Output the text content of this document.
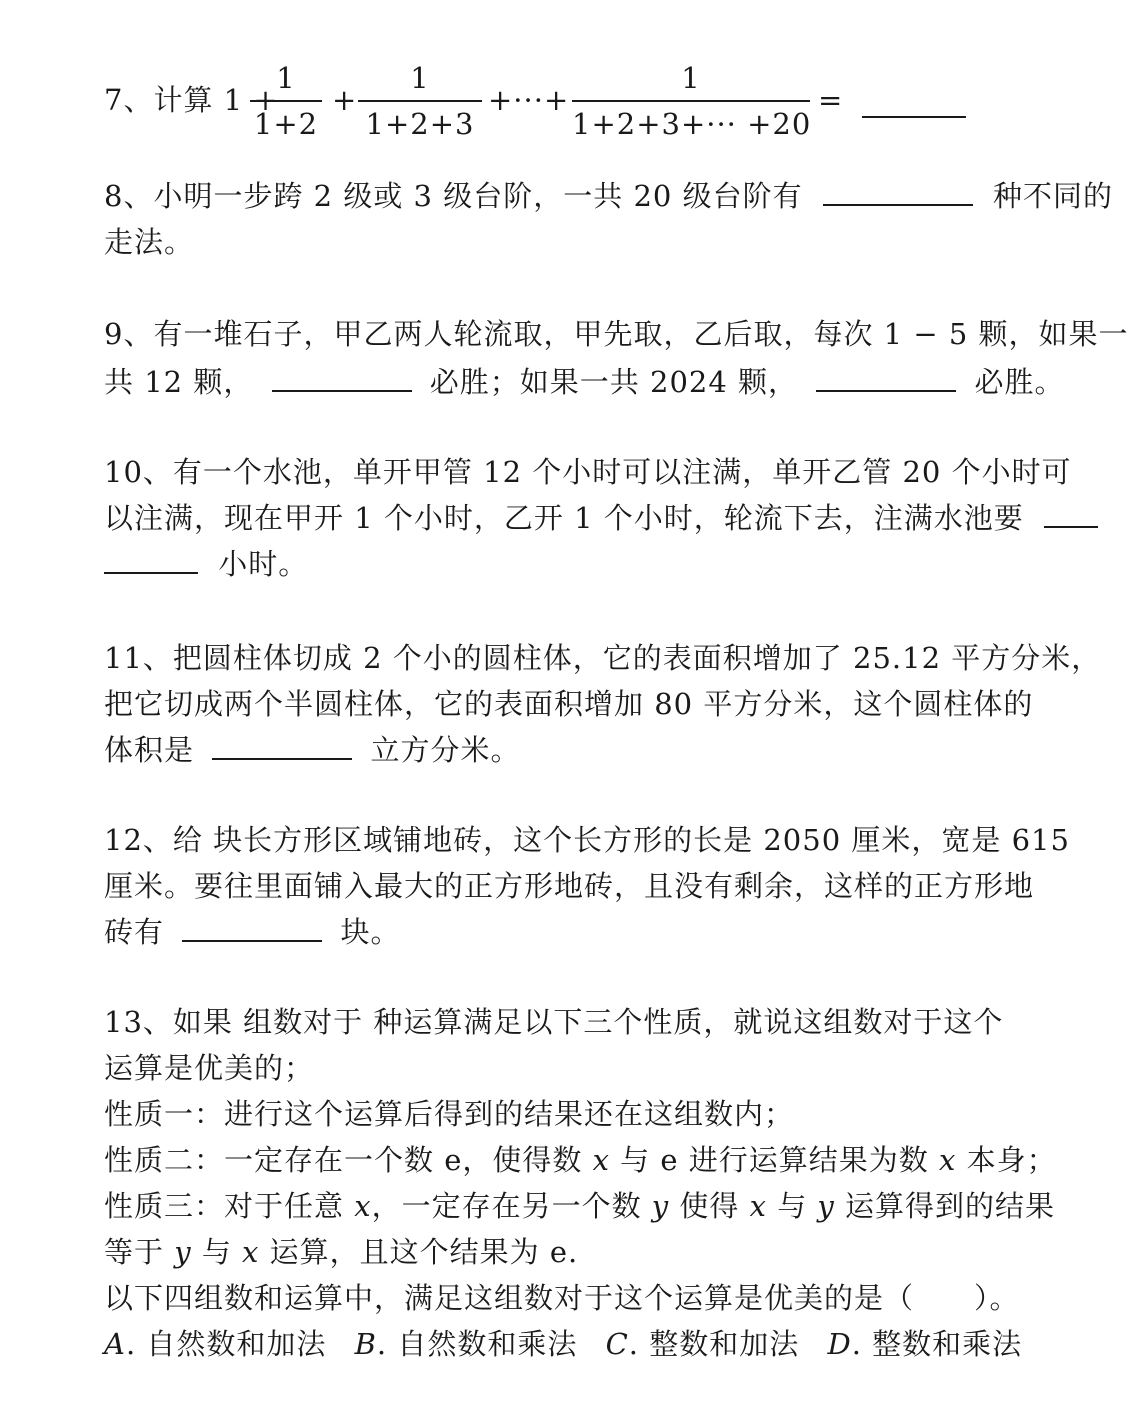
7、计算 1 +
1
1+2
+
1
1+2+3
+···+
1
1+2+3+··· +20
=
8、小明一步跨 2 级或 3 级台阶，一共 20 级台阶有	种不同的
走法。
9、有一堆石子，甲乙两人轮流取，甲先取，乙后取，每次 1 − 5 颗，如果一
共 12 颗，	必胜；如果一共 2024 颗，	必胜。
10、有一个水池，单开甲管 12 个小时可以注满，单开乙管 20 个小时可
以注满，现在甲开 1 个小时，乙开 1 个小时，轮流下去，注满水池要
小时。
11、把圆柱体切成 2 个小的圆柱体，它的表面积增加了 25.12 平方分米，
把它切成两个半圆柱体，它的表面积增加 80 平方分米，这个圆柱体的
体积是	立方分米。
12、给 块长方形区域铺地砖，这个长方形的长是 2050 厘米，宽是 615
厘米。要往里面铺入最大的正方形地砖，且没有剩余，这样的正方形地
砖有	块。
13、如果 组数对于 种运算满足以下三个性质，就说这组数对于这个
运算是优美的；
性质一：进行这个运算后得到的结果还在这组数内；
性质二：一定存在一个数 e，使得数 x 与 e 进行运算结果为数 x 本身；
性质三：对于任意 x，一定存在另一个数 y 使得 x 与 y 运算得到的结果
等于 y 与 x 运算，且这个结果为 e.
以下四组数和运算中，满足这组数对于这个运算是优美的是（　　）。
A. 自然数和加法 B. 自然数和乘法 C. 整数和加法 D. 整数和乘法
